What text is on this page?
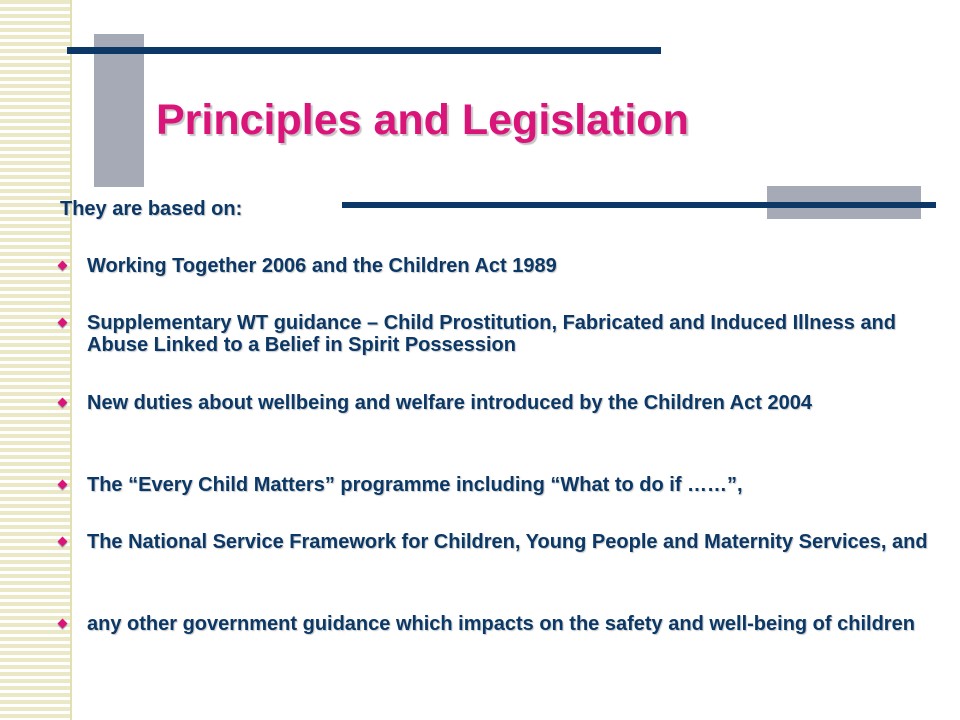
Principles and Legislation

They are based on:

Working Together 2006 and the Children Act 1989
Supplementary WT guidance – Child Prostitution, Fabricated and Induced Illness and Abuse Linked to a Belief in Spirit Possession
New duties about wellbeing and welfare introduced by the Children Act 2004
The “Every Child Matters” programme including “What to do if ……”,
The National Service Framework for Children, Young People and Maternity Services, and
any other government guidance which impacts on the safety and well-being of children
